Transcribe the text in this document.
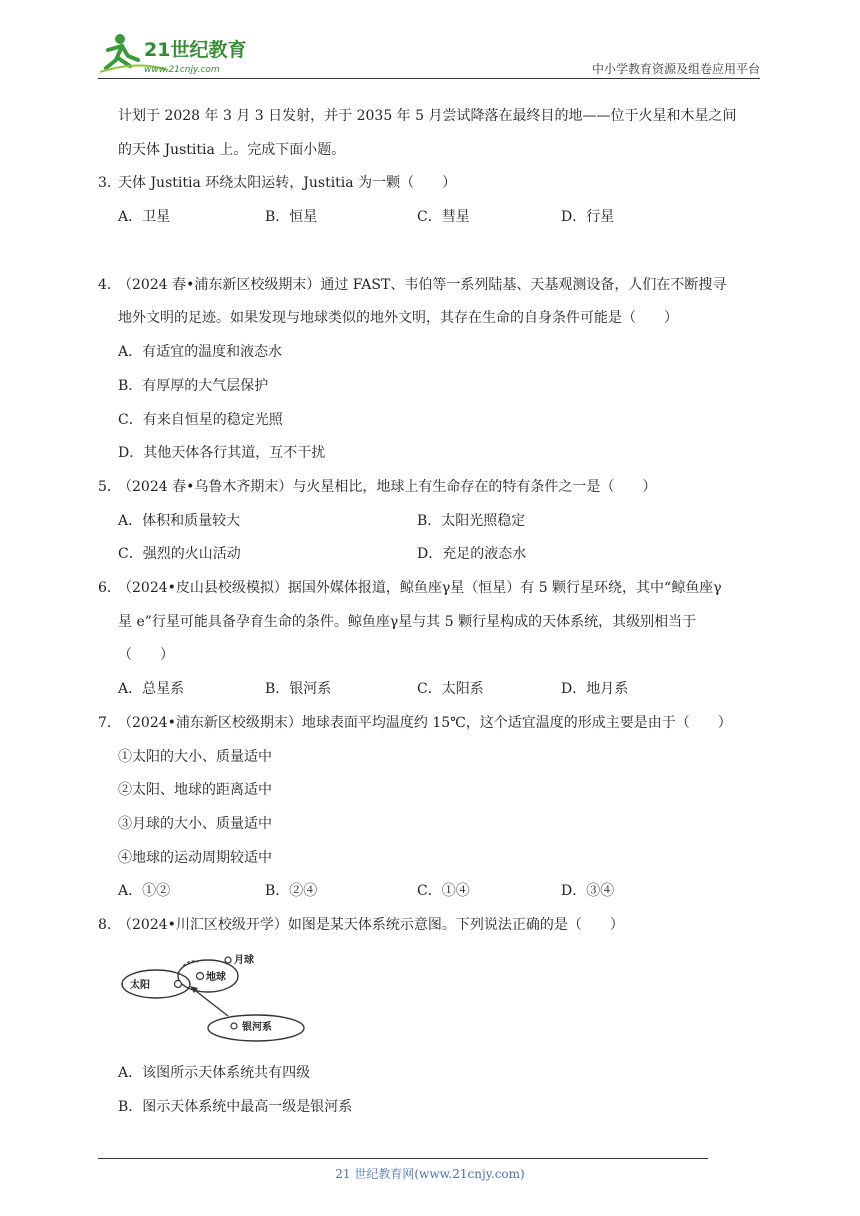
21世纪教育
www.21cnjy.com	中小学教育资源及组卷应用平台
计划于 2028 年 3 月 3 日发射，并于 2035 年 5 月尝试降落在最终目的地——位于火星和木星之间
的天体 Justitia 上。完成下面小题。
3．
天体 Justitia 环绕太阳运转，Justitia 为一颗（　　）
A．卫星	B．恒星	C．彗星	D．行星
4．
（2024 春•浦东新区校级期末）通过 FAST、韦伯等一系列陆基、天基观测设备，人们在不断搜寻
地外文明的足迹。如果发现与地球类似的地外文明，其存在生命的自身条件可能是（　　）
A．有适宜的温度和液态水
B．有厚厚的大气层保护
C．有来自恒星的稳定光照
D．其他天体各行其道，互不干扰
5．
（2024 春•乌鲁木齐期末）与火星相比，地球上有生命存在的特有条件之一是（　　）
A．体积和质量较大	B．太阳光照稳定
C．强烈的火山活动	D．充足的液态水
6．
（2024•皮山县校级模拟）据国外媒体报道，鲸鱼座γ星（恒星）有 5 颗行星环绕，其中“鲸鱼座γ
星 e”行星可能具备孕育生命的条件。鲸鱼座γ星与其 5 颗行星构成的天体系统，其级别相当于
（　　）
A．总星系	B．银河系	C．太阳系	D．地月系
7．
（2024•浦东新区校级期末）地球表面平均温度约 15℃，这个适宜温度的形成主要是由于（　　）
①太阳的大小、质量适中
②太阳、地球的距离适中
③月球的大小、质量适中
④地球的运动周期较适中
A．①②	B．②④	C．①④	D．③④
8．
（2024•川汇区校级开学）如图是某天体系统示意图。下列说法正确的是（　　）
太阳
地球
月球
银河系
A．该图所示天体系统共有四级
B．图示天体系统中最高一级是银河系
21 世纪教育网(www.21cnjy.com)
